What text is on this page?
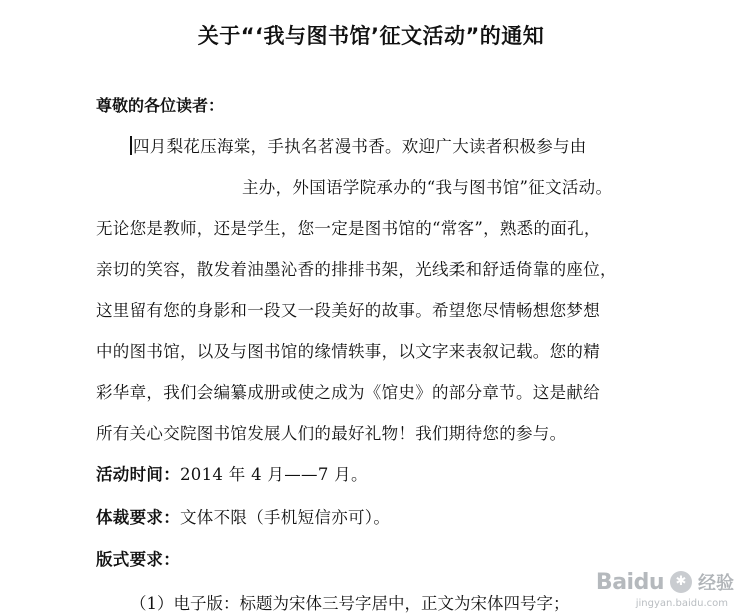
关于“‘我与图书馆’征文活动”的通知
尊敬的各位读者：
四月梨花压海棠，手执名茗漫书香。欢迎广大读者积极参与由
主办，外国语学院承办的“我与图书馆”征文活动。
无论您是教师，还是学生，您一定是图书馆的“常客”，熟悉的面孔，
亲切的笑容，散发着油墨沁香的排排书架，光线柔和舒适倚靠的座位，
这里留有您的身影和一段又一段美好的故事。希望您尽情畅想您梦想
中的图书馆，以及与图书馆的缘情轶事，以文字来表叙记载。您的精
彩华章，我们会编纂成册或使之成为《馆史》的部分章节。这是献给
所有关心交院图书馆发展人们的最好礼物！我们期待您的参与。
活动时间：2014 年 4 月——7 月。
体裁要求：文体不限（手机短信亦可）。
版式要求：
（1）电子版：标题为宋体三号字居中，正文为宋体四号字；
Baidu ✱ 经验
jingyan.baidu.com
